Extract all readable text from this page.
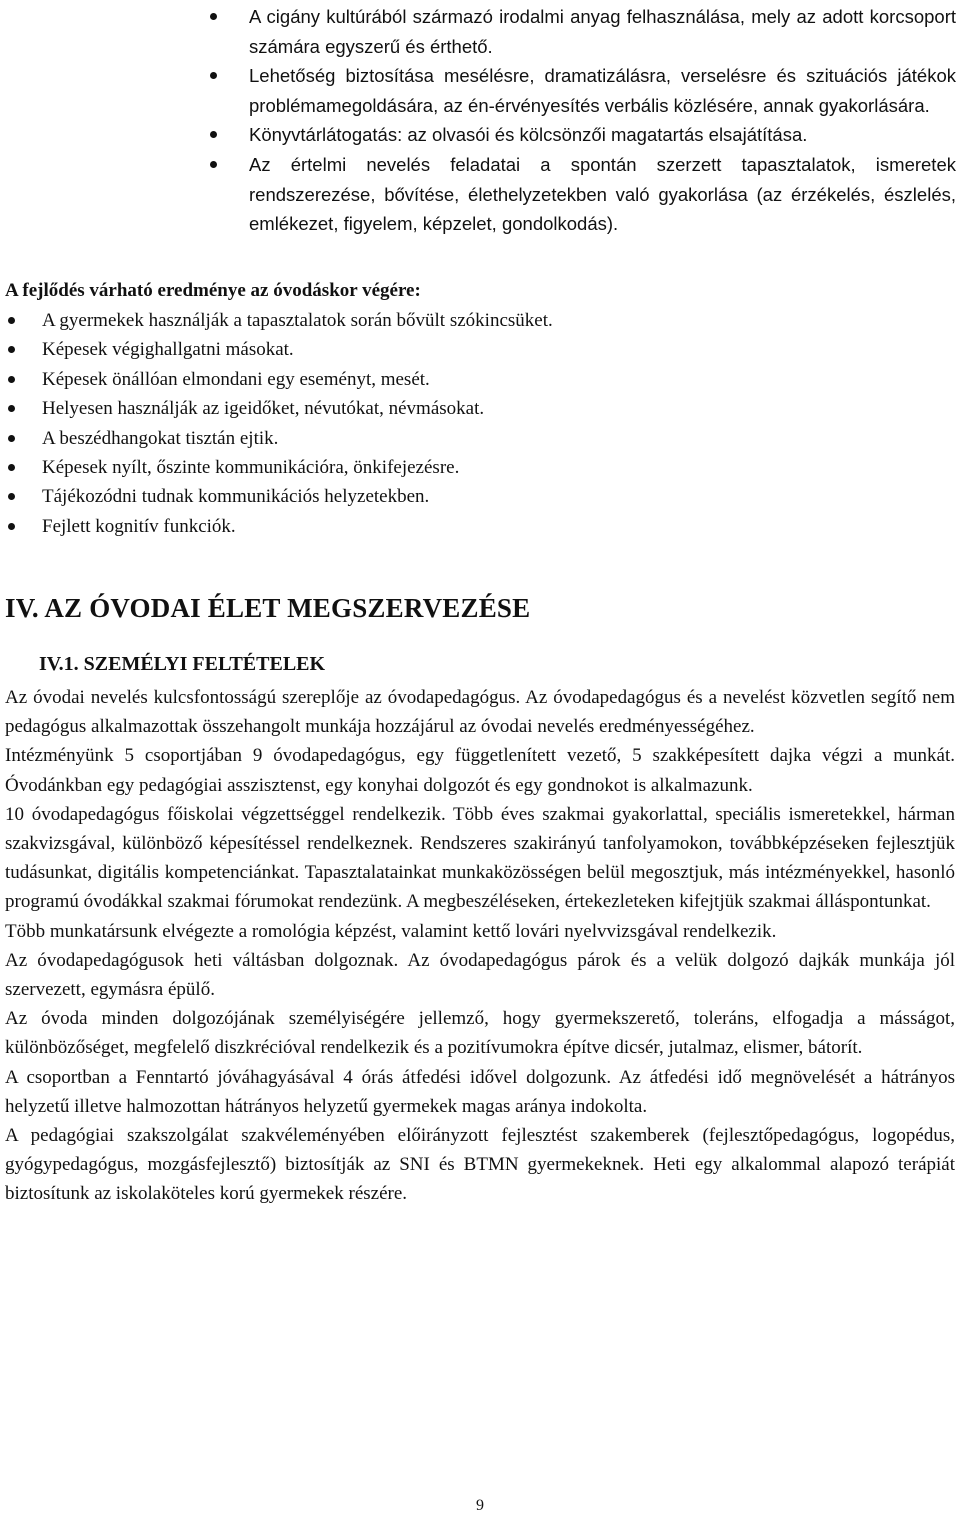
A cigány kultúrából származó irodalmi anyag felhasználása, mely az adott korcsoport számára egyszerű és érthető.
Lehetőség biztosítása mesélésre, dramatizálásra, verselésre és szituációs játékok problémamegoldására, az én-érvényesítés verbális közlésére, annak gyakorlására.
Könyvtárlátogatás: az olvasói és kölcsönzői magatartás elsajátítása.
Az értelmi nevelés feladatai a spontán szerzett tapasztalatok, ismeretek rendszerezése, bővítése, élethelyzetekben való gyakorlása (az érzékelés, észlelés, emlékezet, figyelem, képzelet, gondolkodás).
A fejlődés várható eredménye az óvodáskor végére:
A gyermekek használják a tapasztalatok során bővült szókincsüket.
Képesek végighallgatni másokat.
Képesek önállóan elmondani egy eseményt, mesét.
Helyesen használják az igeidőket, névutókat, névmásokat.
A beszédhangokat tisztán ejtik.
Képesek nyílt, őszinte kommunikációra, önkifejezésre.
Tájékozódni tudnak kommunikációs helyzetekben.
Fejlett kognitív funkciók.
IV. AZ ÓVODAI ÉLET MEGSZERVEZÉSE
IV.1. SZEMÉLYI FELTÉTELEK

Az óvodai nevelés kulcsfontosságú szereplője az óvodapedagógus. Az óvodapedagógus és a nevelést közvetlen segítő nem pedagógus alkalmazottak összehangolt munkája hozzájárul az óvodai nevelés eredményességéhez.

Intézményünk 5 csoportjában 9 óvodapedagógus, egy függetlenített vezető, 5 szakképesített dajka végzi a munkát. Óvodánkban egy pedagógiai asszisztenst, egy konyhai dolgozót és egy gondnokot is alkalmazunk.

10 óvodapedagógus főiskolai végzettséggel rendelkezik. Több éves szakmai gyakorlattal, speciális ismeretekkel, hárman szakvizsgával, különböző képesítéssel rendelkeznek. Rendszeres szakirányú tanfolyamokon, továbbképzéseken fejlesztjük tudásunkat, digitális kompetenciánkat. Tapasztalatainkat munkaközösségen belül megosztjuk, más intézményekkel, hasonló programú óvodákkal szakmai fórumokat rendezünk. A megbeszéléseken, értekezleteken kifejtjük szakmai álláspontunkat.

Több munkatársunk elvégezte a romológia képzést, valamint kettő lovári nyelvvizsgával rendelkezik.

Az óvodapedagógusok heti váltásban dolgoznak. Az óvodapedagógus párok és a velük dolgozó dajkák munkája jól szervezett, egymásra épülő.

Az óvoda minden dolgozójának személyiségére jellemző, hogy gyermekszerető, toleráns, elfogadja a másságot, különbözőséget, megfelelő diszkrécióval rendelkezik és a pozitívumokra építve dicsér, jutalmaz, elismer, bátorít.

A csoportban a Fenntartó jóváhagyásával 4 órás átfedési idővel dolgozunk. Az átfedési idő megnövelését a hátrányos helyzetű illetve halmozottan hátrányos helyzetű gyermekek magas aránya indokolta.

A pedagógiai szakszolgálat szakvéleményében előirányzott fejlesztést szakemberek (fejlesztőpedagógus, logopédus, gyógypedagógus, mozgásfejlesztő) biztosítják az SNI és BTMN gyermekeknek. Heti egy alkalommal alapozó terápiát biztosítunk az iskolaköteles korú gyermekek részére.

9
